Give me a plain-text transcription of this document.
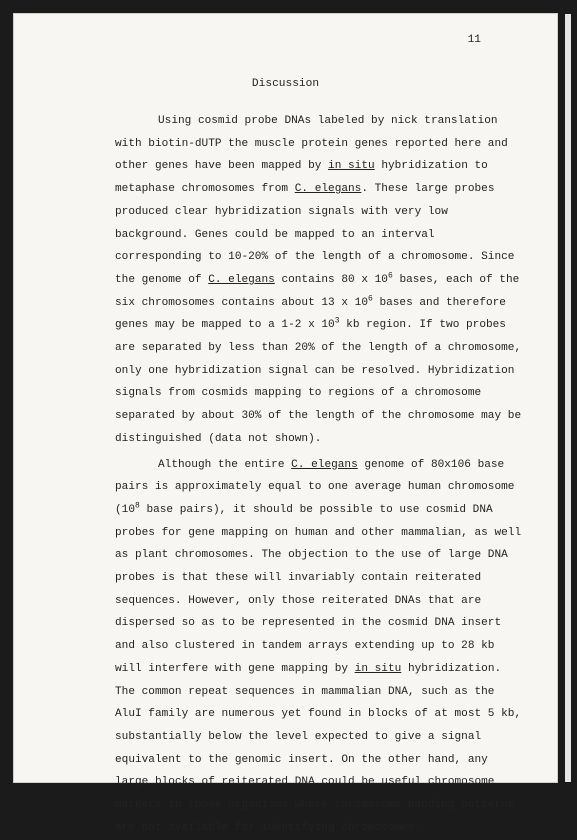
11
Discussion

Using cosmid probe DNAs labeled by nick translation with biotin-dUTP the muscle protein genes reported here and other genes have been mapped by in situ hybridization to metaphase chromosomes from C. elegans. These large probes produced clear hybridization signals with very low background. Genes could be mapped to an interval corresponding to 10-20% of the length of a chromosome. Since the genome of C. elegans contains 80 x $10^6$ bases, each of the six chromosomes contains about 13 x $10^6$ bases and therefore genes may be mapped to a 1-2 x $10^3$ kb region. If two probes are separated by less than 20% of the length of a chromosome, only one hybridization signal can be resolved. Hybridization signals from cosmids mapping to regions of a chromosome separated by about 30% of the length of the chromosome may be distinguished (data not shown).

Although the entire C. elegans genome of 80x106 base pairs is approximately equal to one average human chromosome ($10^8$ base pairs), it should be possible to use cosmid DNA probes for gene mapping on human and other mammalian, as well as plant chromosomes. The objection to the use of large DNA probes is that these will invariably contain reiterated sequences. However, only those reiterated DNAs that are dispersed so as to be represented in the cosmid DNA insert and also clustered in tandem arrays extending up to 28 kb will interfere with gene mapping by in situ hybridization. The common repeat sequences in mammalian DNA, such as the AluI family are numerous yet found in blocks of at most 5 kb, substantially below the level expected to give a signal equivalent to the genomic insert. On the other hand, any large blocks of reiterated DNA could be useful chromosome markers in those organisms where chromosome banding patterns are not available for identifying chromosomes.
